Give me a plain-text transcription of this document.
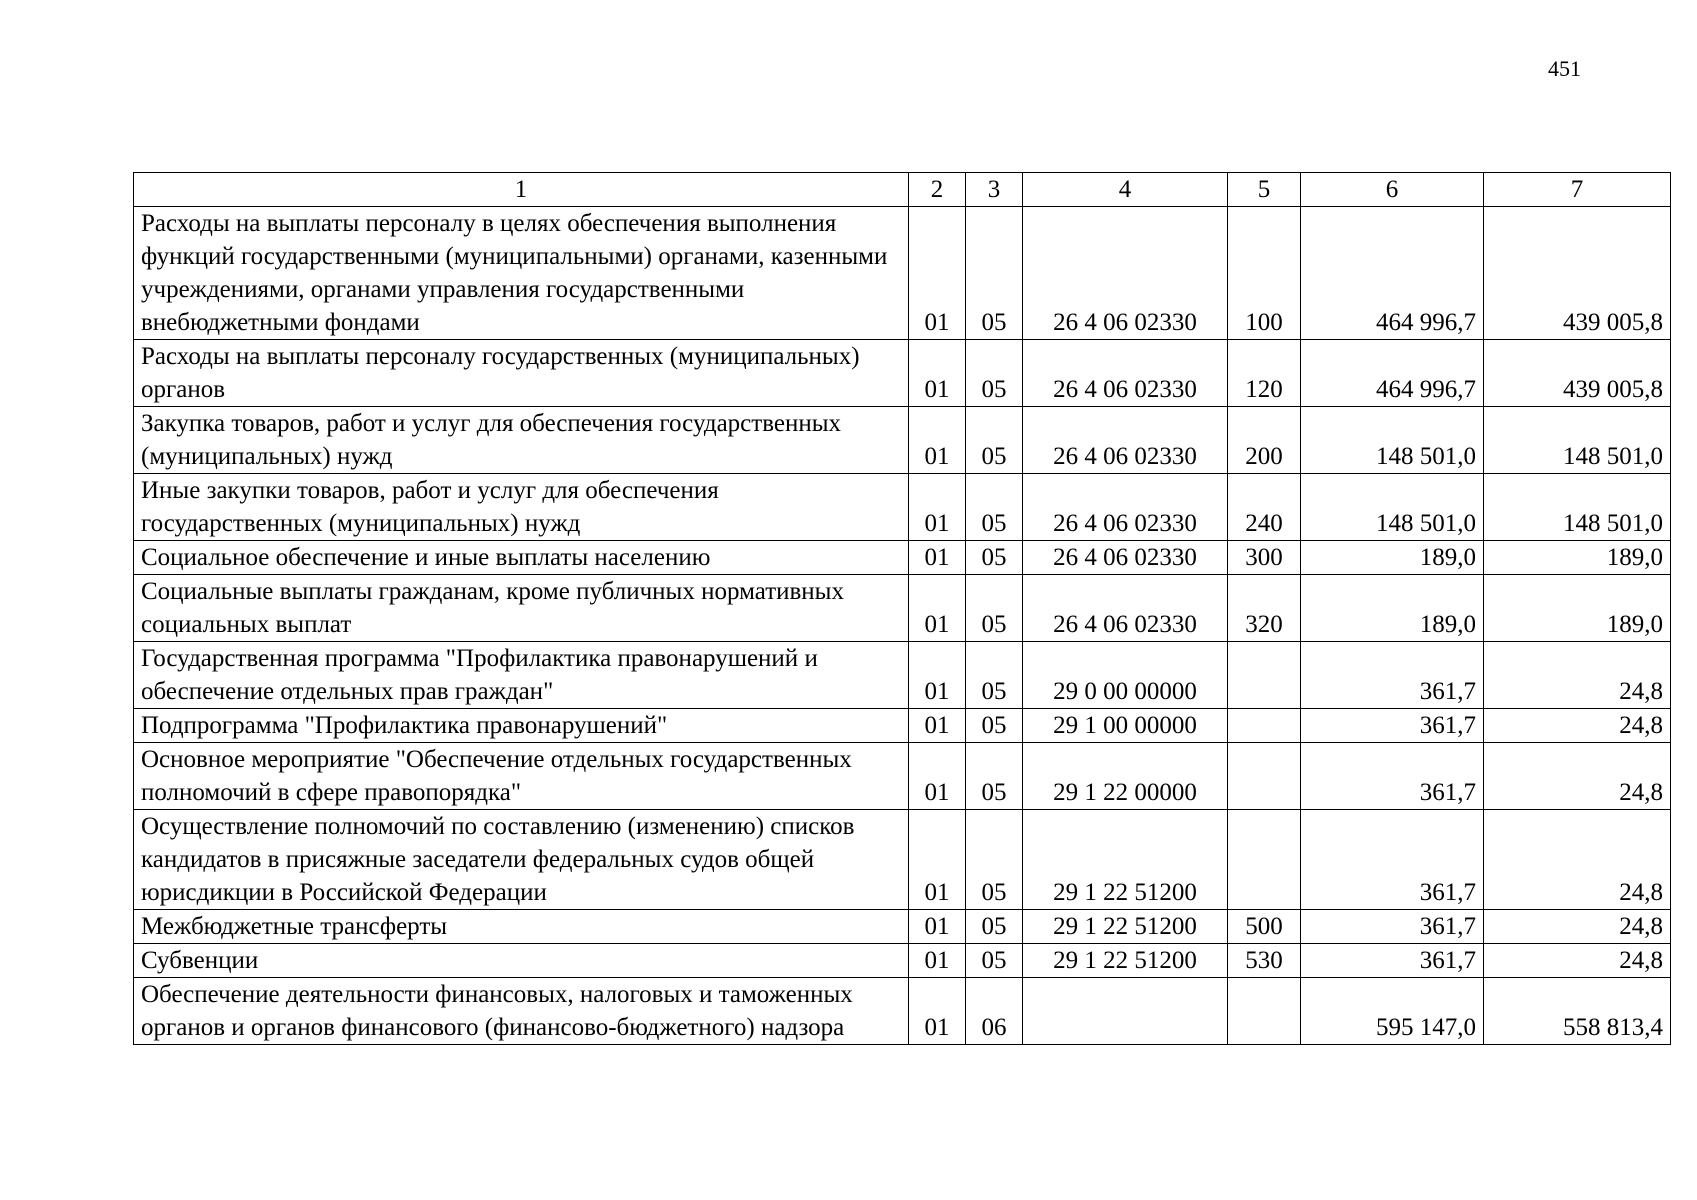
451
1	2	3	4	5	6	7
Расходы на выплаты персоналу в целях обеспечения выполнения функций государственными (муниципальными) органами, казенными учреждениями, органами управления государственными внебюджетными фондами	01	05	26 4 06 02330	100	464 996,7	439 005,8
Расходы на выплаты персоналу государственных (муниципальных) органов	01	05	26 4 06 02330	120	464 996,7	439 005,8
Закупка товаров, работ и услуг для обеспечения государственных (муниципальных) нужд	01	05	26 4 06 02330	200	148 501,0	148 501,0
Иные закупки товаров, работ и услуг для обеспечения государственных (муниципальных) нужд	01	05	26 4 06 02330	240	148 501,0	148 501,0
Социальное обеспечение и иные выплаты населению	01	05	26 4 06 02330	300	189,0	189,0
Социальные выплаты гражданам, кроме публичных нормативных социальных выплат	01	05	26 4 06 02330	320	189,0	189,0
Государственная программа "Профилактика правонарушений и обеспечение отдельных прав граждан"	01	05	29 0 00 00000		361,7	24,8
Подпрограмма "Профилактика правонарушений"	01	05	29 1 00 00000		361,7	24,8
Основное мероприятие "Обеспечение отдельных государственных полномочий в сфере правопорядка"	01	05	29 1 22 00000		361,7	24,8
Осуществление полномочий по составлению (изменению) списков кандидатов в присяжные заседатели федеральных судов общей юрисдикции в Российской Федерации	01	05	29 1 22 51200		361,7	24,8
Межбюджетные трансферты	01	05	29 1 22 51200	500	361,7	24,8
Субвенции	01	05	29 1 22 51200	530	361,7	24,8
Обеспечение деятельности финансовых, налоговых и таможенных органов и органов финансового (финансово-бюджетного) надзора	01	06			595 147,0	558 813,4
